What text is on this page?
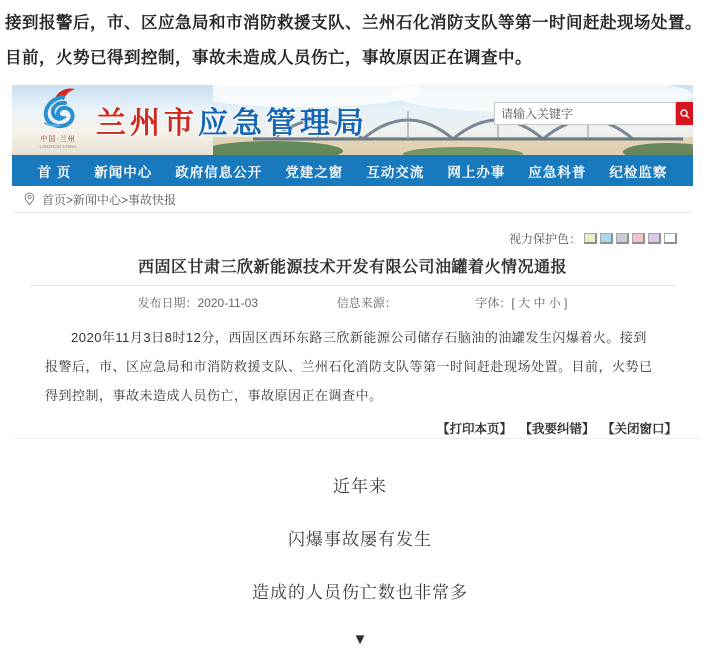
接到报警后，市、区应急局和市消防救援支队、兰州石化消防支队等第一时间赶赴现场处置。目前，火势已得到控制，事故未造成人员伤亡，事故原因正在调查中。

中国·兰州
LANZHOU·CHINA
兰州市应急管理局
请输入关键字
首 页 新闻中心 政府信息公开 党建之窗 互动交流 网上办事 应急科普 纪检监察
首页>新闻中心>事故快报
视力保护色：
西固区甘肃三欣新能源技术开发有限公司油罐着火情况通报
发布日期：2020-11-03	信息来源：	字体：[ 大 中 小 ]

2020年11月3日8时12分，西固区西环东路三欣新能源公司储存石脑油的油罐发生闪爆着火。接到报警后，市、区应急局和市消防救援支队、兰州石化消防支队等第一时间赶赴现场处置。目前，火势已得到控制，事故未造成人员伤亡，事故原因正在调查中。

【打印本页】 【我要纠错】 【关闭窗口】

近年来

闪爆事故屡有发生

造成的人员伤亡数也非常多

▼
